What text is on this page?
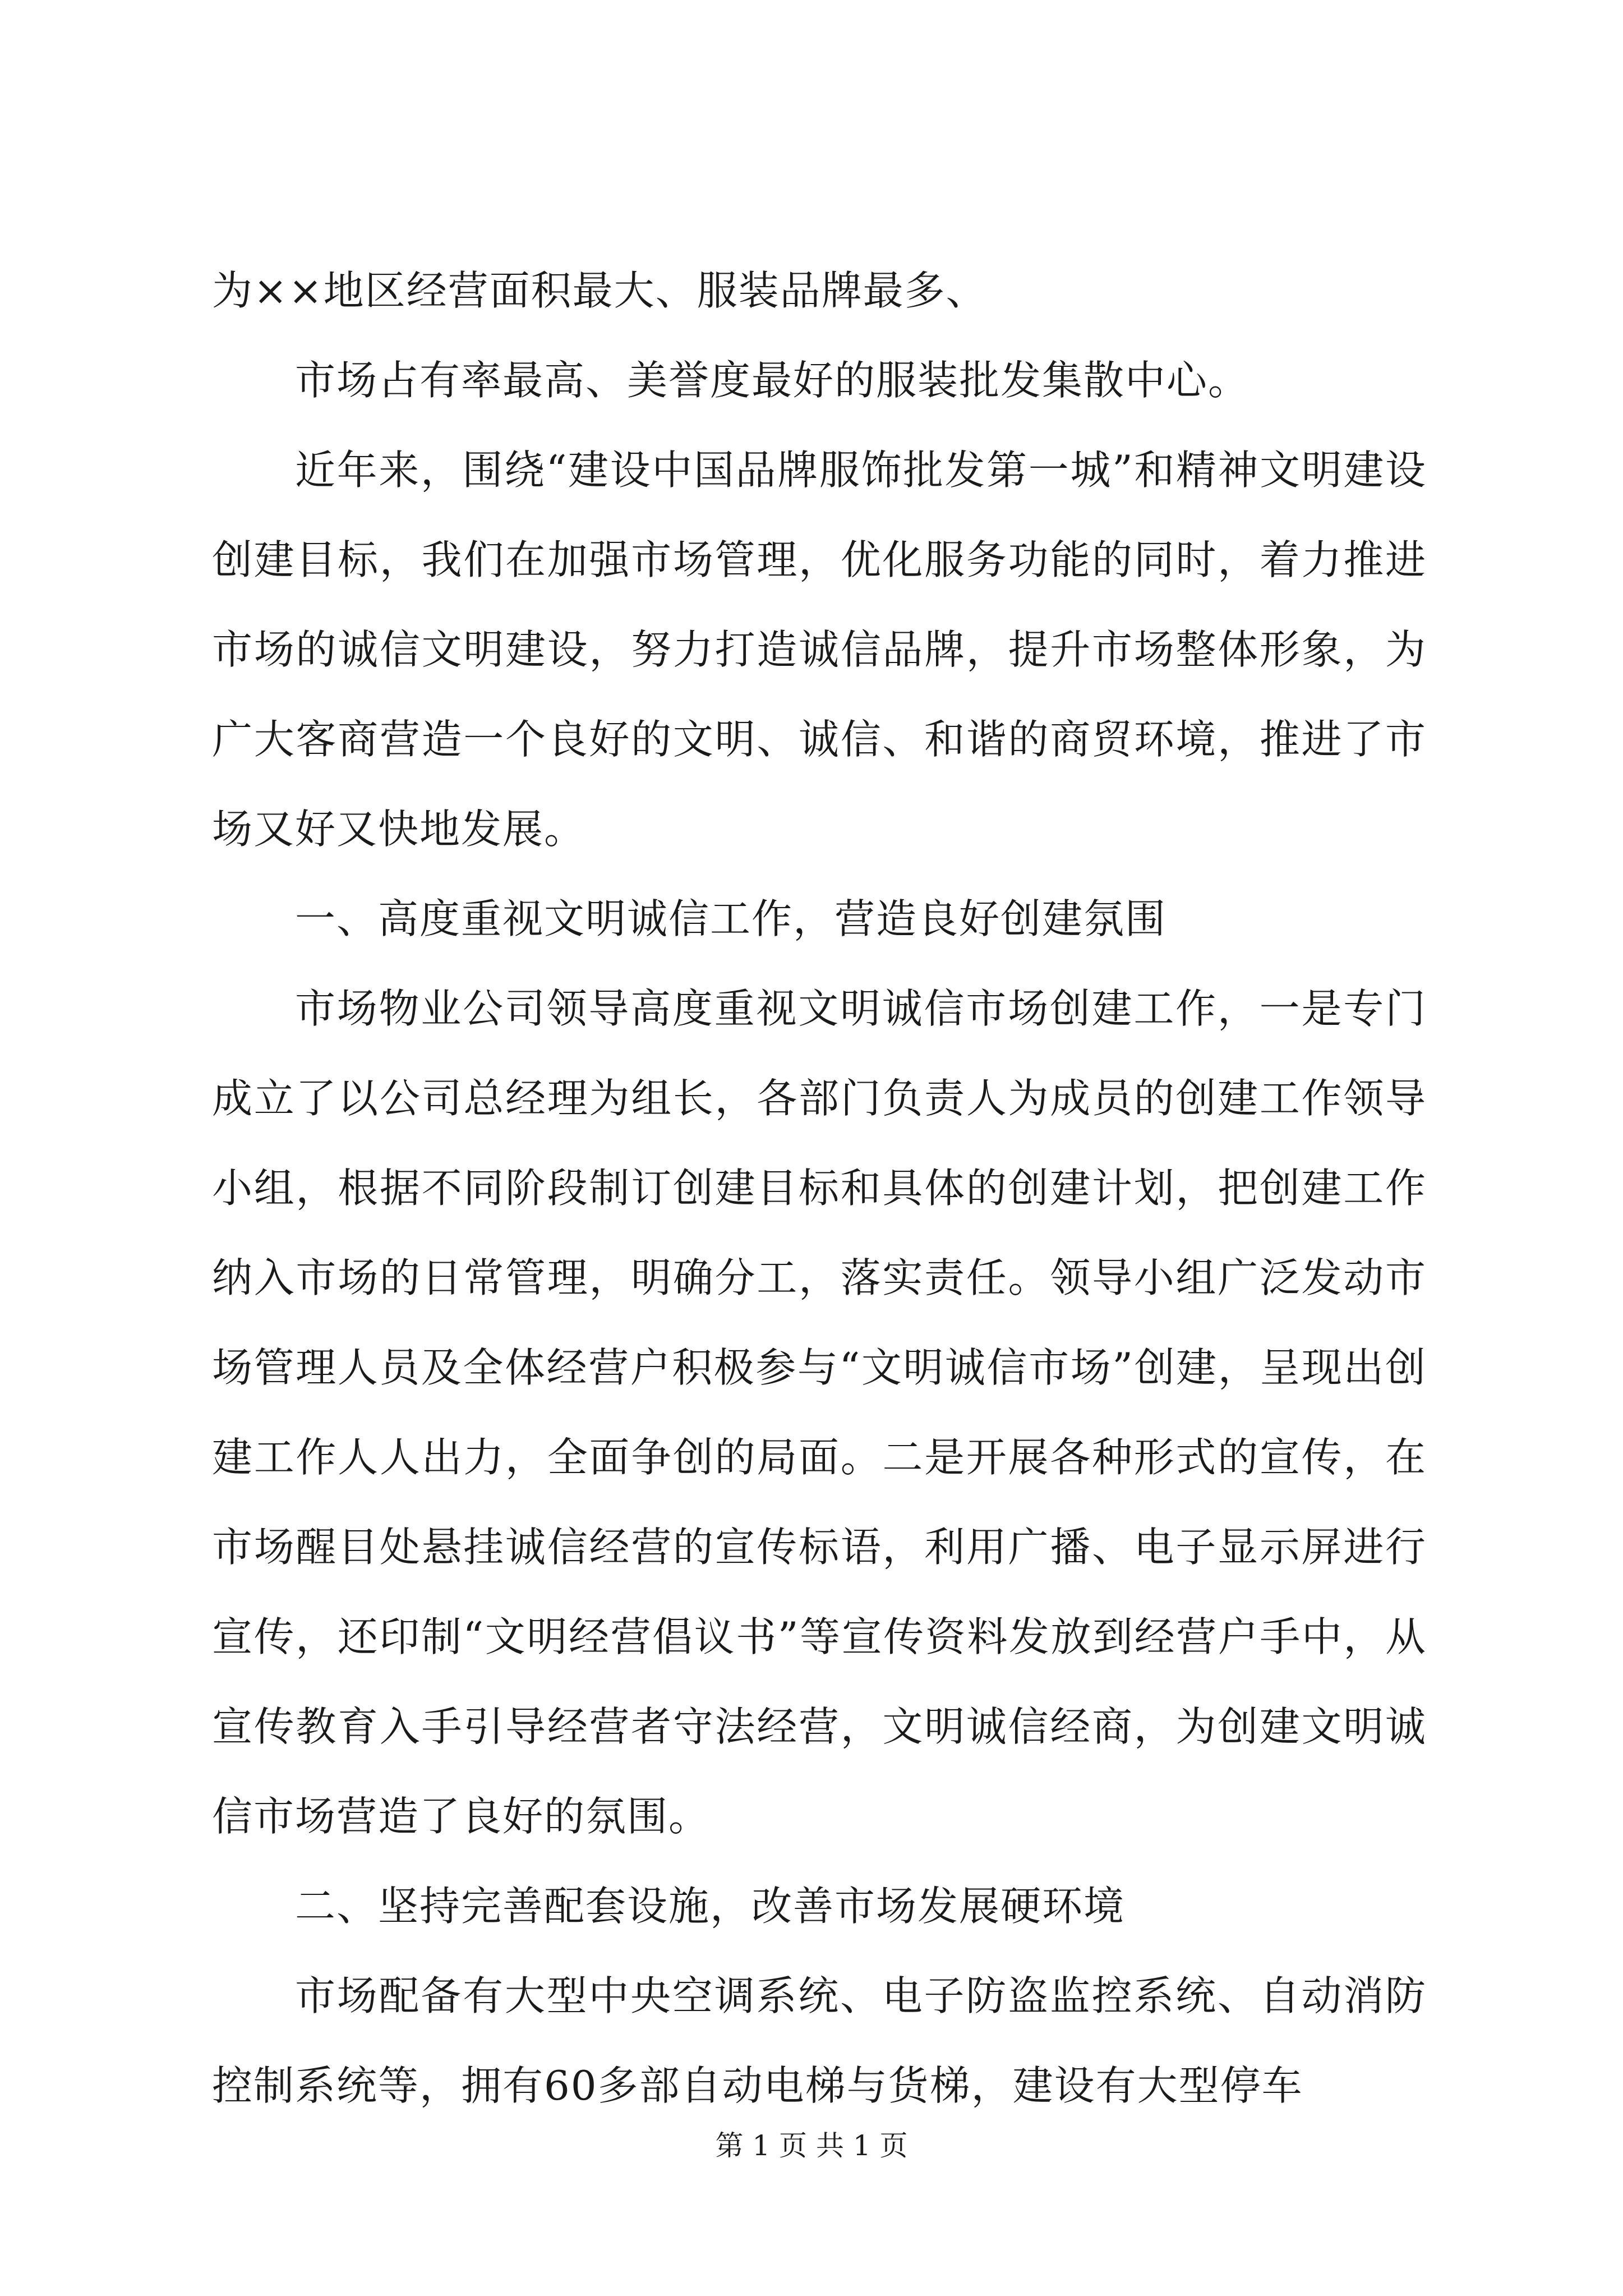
为××地区经营面积最大、服装品牌最多、

市场占有率最高、美誉度最好的服装批发集散中心。

近年来，围绕“建设中国品牌服饰批发第一城”和精神文明建设创建目标，我们在加强市场管理，优化服务功能的同时，着力推进市场的诚信文明建设，努力打造诚信品牌，提升市场整体形象，为广大客商营造一个良好的文明、诚信、和谐的商贸环境，推进了市场又好又快地发展。

一、高度重视文明诚信工作，营造良好创建氛围

市场物业公司领导高度重视文明诚信市场创建工作，一是专门成立了以公司总经理为组长，各部门负责人为成员的创建工作领导小组，根据不同阶段制订创建目标和具体的创建计划，把创建工作纳入市场的日常管理，明确分工，落实责任。领导小组广泛发动市场管理人员及全体经营户积极参与“文明诚信市场”创建，呈现出创建工作人人出力，全面争创的局面。二是开展各种形式的宣传，在市场醒目处悬挂诚信经营的宣传标语，利用广播、电子显示屏进行宣传，还印制“文明经营倡议书”等宣传资料发放到经营户手中，从宣传教育入手引导经营者守法经营，文明诚信经商，为创建文明诚信市场营造了良好的氛围。

二、坚持完善配套设施，改善市场发展硬环境

市场配备有大型中央空调系统、电子防盗监控系统、自动消防控制系统等，拥有60多部自动电梯与货梯，建设有大型停车

第 1 页 共 1 页
